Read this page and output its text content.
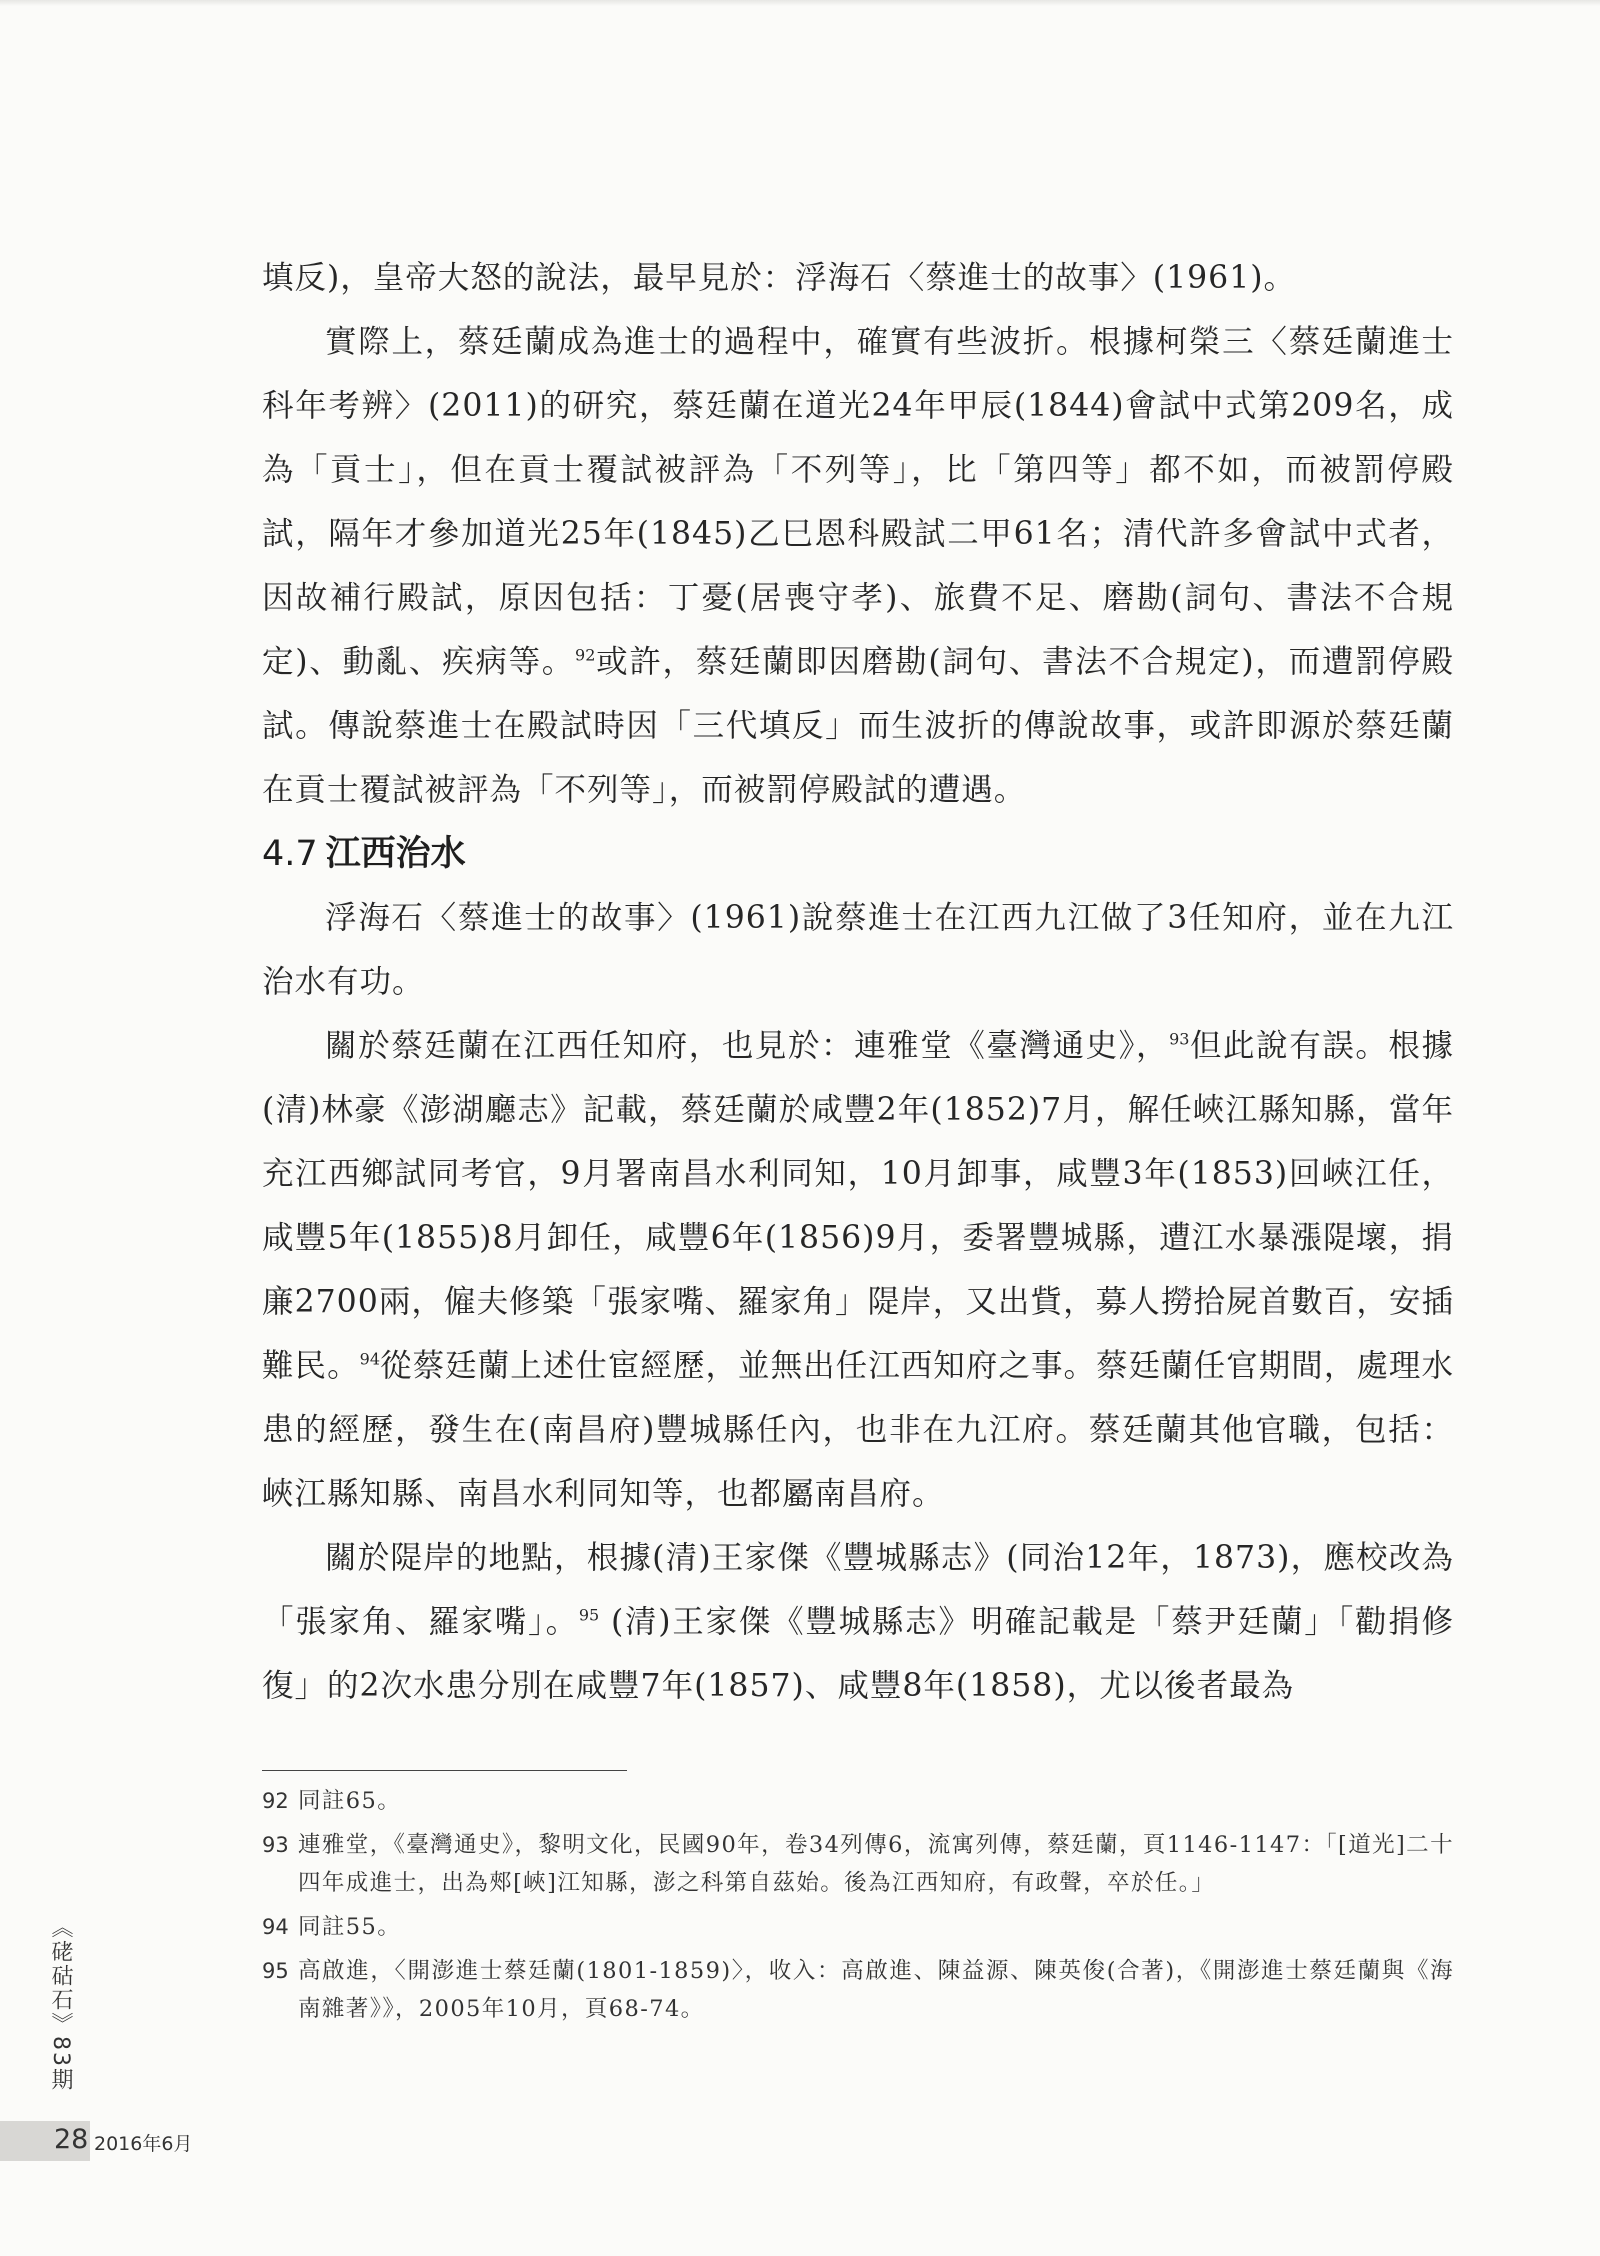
填反)，皇帝大怒的說法，最早見於：浮海石〈蔡進士的故事〉(1961)。

實際上，蔡廷蘭成為進士的過程中，確實有些波折。根據柯榮三〈蔡廷蘭進士科年考辨〉(2011)的研究，蔡廷蘭在道光24年甲辰(1844)會試中式第209名，成為「貢士」，但在貢士覆試被評為「不列等」，比「第四等」都不如，而被罰停殿試，隔年才參加道光25年(1845)乙巳恩科殿試二甲61名；清代許多會試中式者，因故補行殿試，原因包括：丁憂(居喪守孝)、旅費不足、磨勘(詞句、書法不合規定)、動亂、疾病等。$^{92}$或許，蔡廷蘭即因磨勘(詞句、書法不合規定)，而遭罰停殿試。傳說蔡進士在殿試時因「三代填反」而生波折的傳說故事，或許即源於蔡廷蘭在貢士覆試被評為「不列等」，而被罰停殿試的遭遇。

4.7 江西治水

浮海石〈蔡進士的故事〉(1961)說蔡進士在江西九江做了3任知府，並在九江治水有功。

關於蔡廷蘭在江西任知府，也見於：連雅堂《臺灣通史》，$^{93}$但此說有誤。根據(清)林豪《澎湖廳志》記載，蔡廷蘭於咸豐2年(1852)7月，解任峽江縣知縣，當年充江西鄉試同考官，9月署南昌水利同知，10月卸事，咸豐3年(1853)回峽江任，咸豐5年(1855)8月卸任，咸豐6年(1856)9月，委署豐城縣，遭江水暴漲隄壞，捐廉2700兩，僱夫修築「張家嘴、羅家角」隄岸，又出貲，募人撈拾屍首數百，安插難民。$^{94}$從蔡廷蘭上述仕宦經歷，並無出任江西知府之事。蔡廷蘭任官期間，處理水患的經歷，發生在(南昌府)豐城縣任內，也非在九江府。蔡廷蘭其他官職，包括：峽江縣知縣、南昌水利同知等，也都屬南昌府。

關於隄岸的地點，根據(清)王家傑《豐城縣志》(同治12年，1873)，應校改為「張家角、羅家嘴」。$^{95}$ (清)王家傑《豐城縣志》明確記載是「蔡尹廷蘭」「勸捐修復」的2次水患分別在咸豐7年(1857)、咸豐8年(1858)，尤以後者最為

92 同註65。
93 連雅堂，《臺灣通史》，黎明文化，民國90年，卷34列傳6，流寓列傳，蔡廷蘭，頁1146-1147：「[道光]二十四年成進士，出為郟[峽]江知縣，澎之科第自茲始。後為江西知府，有政聲，卒於任。」
94 同註55。
95 高啟進，〈開澎進士蔡廷蘭(1801-1859)〉，收入：高啟進、陳益源、陳英俊(合著)，《開澎進士蔡廷蘭與《海南雜著》》，2005年10月，頁68-74。
《硓𥑮石》83期
28 2016年6月
